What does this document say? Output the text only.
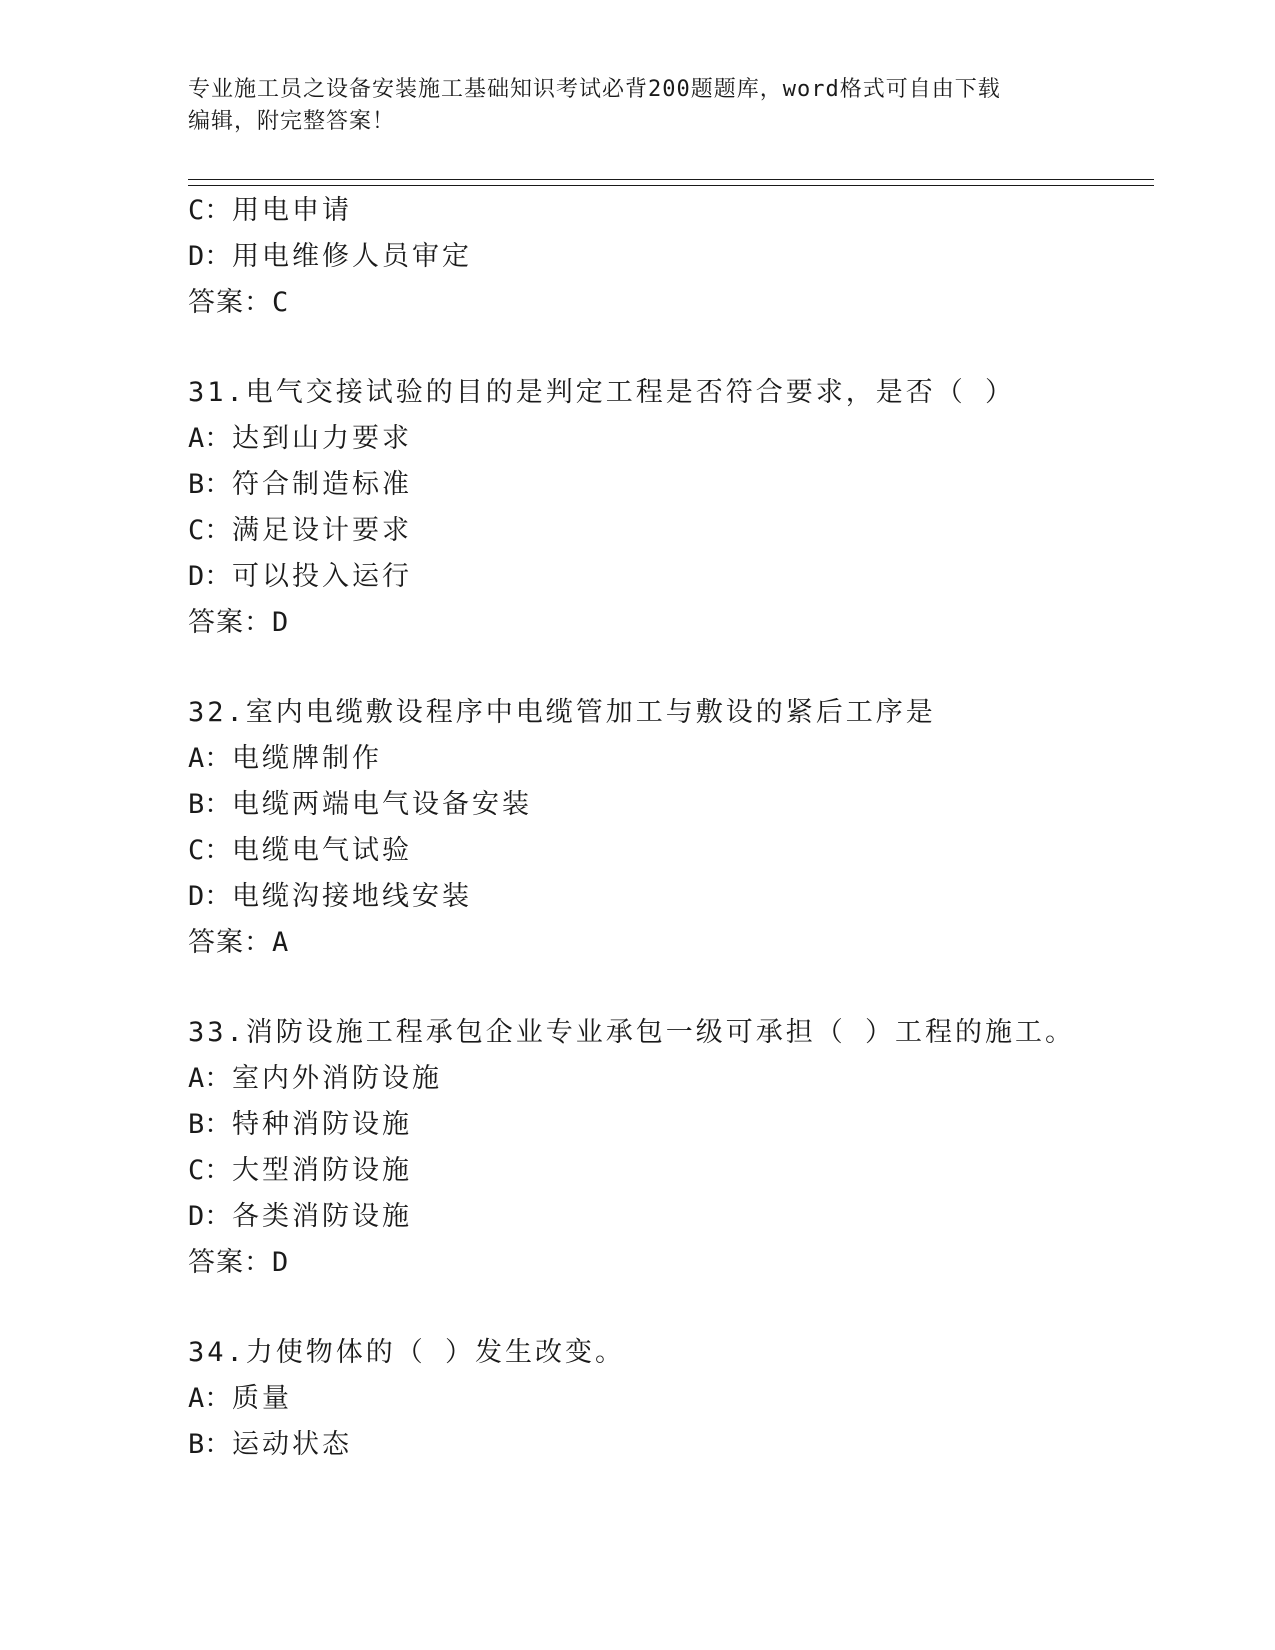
专业施工员之设备安装施工基础知识考试必背200题题库，word格式可自由下载
编辑，附完整答案！
C：用电申请
D：用电维修人员审定
答案：C
31.电气交接试验的目的是判定工程是否符合要求，是否（ ）
A：达到山力要求
B：符合制造标准
C：满足设计要求
D：可以投入运行
答案：D
32.室内电缆敷设程序中电缆管加工与敷设的紧后工序是
A：电缆牌制作
B：电缆两端电气设备安装
C：电缆电气试验
D：电缆沟接地线安装
答案：A
33.消防设施工程承包企业专业承包一级可承担（ ）工程的施工。
A：室内外消防设施
B：特种消防设施
C：大型消防设施
D：各类消防设施
答案：D
34.力使物体的（ ）发生改变。
A：质量
B：运动状态
